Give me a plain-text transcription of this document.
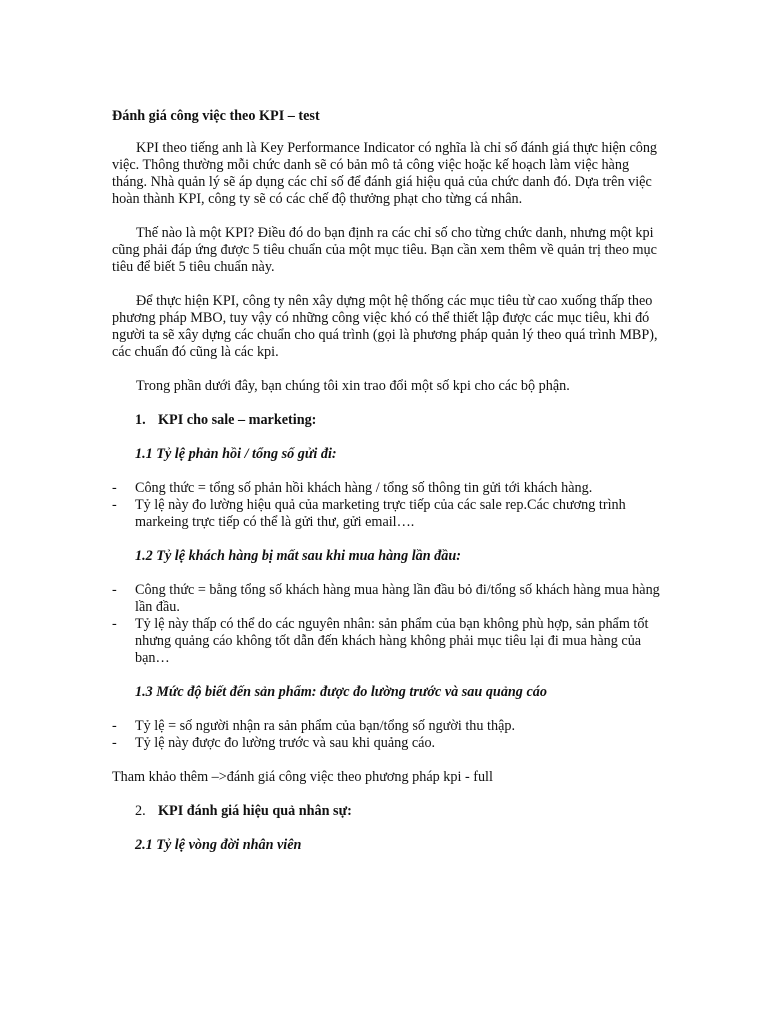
Đánh giá công việc theo KPI – test

KPI theo tiếng anh là Key Performance Indicator có nghĩa là chỉ số đánh giá thực hiện công việc. Thông thường mỗi chức danh sẽ có bản mô tả công việc hoặc kế hoạch làm việc hàng tháng. Nhà quản lý sẽ áp dụng các chỉ số để đánh giá hiệu quả của chức danh đó. Dựa trên việc hoàn thành KPI, công ty sẽ có các chế độ thưởng phạt cho từng cá nhân.

Thế nào là một KPI? Điều đó do bạn định ra các chỉ số cho từng chức danh, nhưng một kpi cũng phải đáp ứng được 5 tiêu chuẩn của một mục tiêu. Bạn cần xem thêm về quản trị theo mục tiêu để biết 5 tiêu chuẩn này.

Để thực hiện KPI, công ty nên xây dựng một hệ thống các mục tiêu từ cao xuống thấp theo phương pháp MBO, tuy vậy có những công việc khó có thể thiết lập được các mục tiêu, khi đó người ta sẽ xây dựng các chuẩn cho quá trình (gọi là phương pháp quản lý theo quá trình MBP), các chuẩn đó cũng là các kpi.

Trong phần dưới đây, bạn chúng tôi xin trao đổi một số kpi cho các bộ phận.

1. KPI cho sale – marketing:
1.1 Tỷ lệ phản hồi / tổng số gửi đi:
- Công thức = tổng số phản hồi khách hàng / tổng số thông tin gửi tới khách hàng.
- Tỷ lệ này đo lường hiệu quả của marketing trực tiếp của các sale rep.Các chương trình markeing trực tiếp có thể là gửi thư, gửi email….
1.2 Tỷ lệ khách hàng bị mất sau khi mua hàng lần đầu:
- Công thức = bằng tổng số khách hàng mua hàng lần đầu bỏ đi/tổng số khách hàng mua hàng lần đầu.
- Tỷ lệ này thấp có thể do các nguyên nhân: sản phẩm của bạn không phù hợp, sản phẩm tốt nhưng quảng cáo không tốt dẫn đến khách hàng không phải mục tiêu lại đi mua hàng của bạn…
1.3 Mức độ biết đến sản phẩm: được đo lường trước và sau quảng cáo
- Tỷ lệ = số người nhận ra sản phẩm của bạn/tổng số người thu thập.
- Tỷ lệ này được đo lường trước và sau khi quảng cáo.

Tham khảo thêm –>đánh giá công việc theo phương pháp kpi - full

2. KPI đánh giá hiệu quả nhân sự:
2.1 Tỷ lệ vòng đời nhân viên
